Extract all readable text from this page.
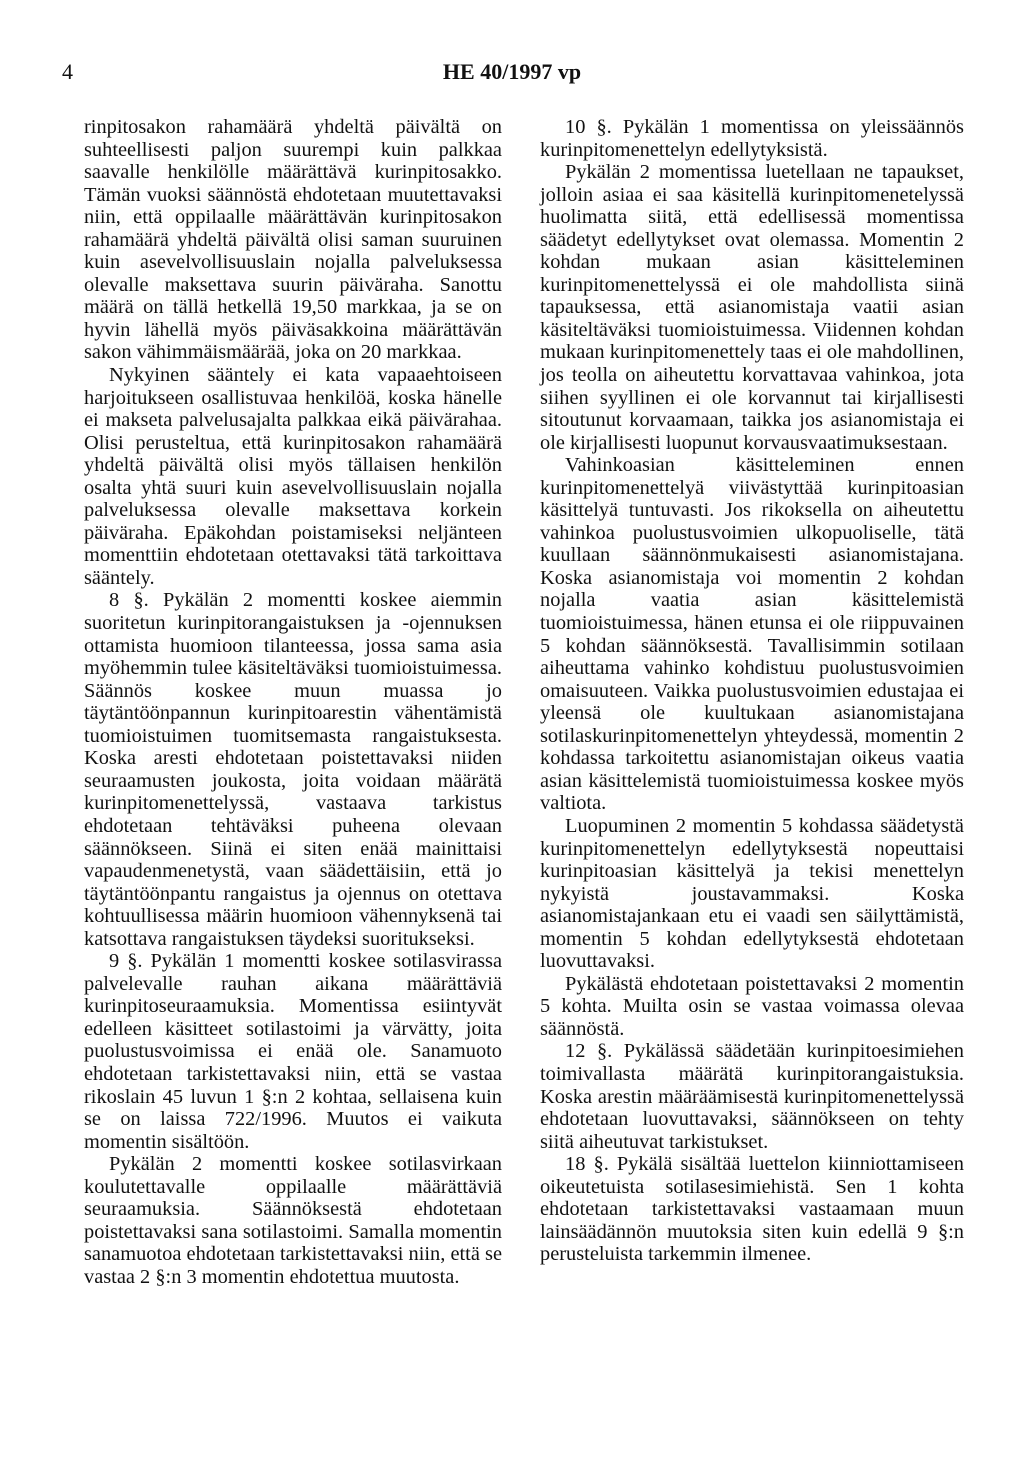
4	HE 40/1997 vp

rinpitosakon rahamäärä yhdeltä päivältä on suhteellisesti paljon suurempi kuin palkkaa saavalle henkilölle määrättävä kurinpitosakko. Tämän vuoksi säännöstä ehdotetaan muutettavaksi niin, että oppilaalle määrättävän kurinpitosakon rahamäärä yhdeltä päivältä olisi saman suuruinen kuin asevelvollisuuslain nojalla palveluksessa olevalle maksettava suurin päiväraha. Sanottu määrä on tällä hetkellä 19,50 markkaa, ja se on hyvin lähellä myös päiväsakkoina määrättävän sakon vähimmäismäärää, joka on 20 markkaa.

Nykyinen sääntely ei kata vapaaehtoiseen harjoitukseen osallistuvaa henkilöä, koska hänelle ei makseta palvelusajalta palkkaa eikä päivärahaa. Olisi perusteltua, että kurinpitosakon rahamäärä yhdeltä päivältä olisi myös tällaisen henkilön osalta yhtä suuri kuin asevelvollisuuslain nojalla palveluksessa olevalle maksettava korkein päiväraha. Epäkohdan poistamiseksi neljänteen momenttiin ehdotetaan otettavaksi tätä tarkoittava sääntely.

8 §. Pykälän 2 momentti koskee aiemmin suoritetun kurinpitorangaistuksen ja -ojennuksen ottamista huomioon tilanteessa, jossa sama asia myöhemmin tulee käsiteltäväksi tuomioistuimessa. Säännös koskee muun muassa jo täytäntöönpannun kurinpitoarestin vähentämistä tuomioistuimen tuomitsemasta rangaistuksesta. Koska aresti ehdotetaan poistettavaksi niiden seuraamusten joukosta, joita voidaan määrätä kurinpitomenettelyssä, vastaava tarkistus ehdotetaan tehtäväksi puheena olevaan säännökseen. Siinä ei siten enää mainittaisi vapaudenmenetystä, vaan säädettäisiin, että jo täytäntöönpantu rangaistus ja ojennus on otettava kohtuullisessa määrin huomioon vähennyksenä tai katsottava rangaistuksen täydeksi suoritukseksi.

9 §. Pykälän 1 momentti koskee sotilasvirassa palvelevalle rauhan aikana määrättäviä kurinpitoseuraamuksia. Momentissa esiintyvät edelleen käsitteet sotilastoimi ja värvätty, joita puolustusvoimissa ei enää ole. Sanamuoto ehdotetaan tarkistettavaksi niin, että se vastaa rikoslain 45 luvun 1 §:n 2 kohtaa, sellaisena kuin se on laissa 722/1996. Muutos ei vaikuta momentin sisältöön.

Pykälän 2 momentti koskee sotilasvirkaan koulutettavalle oppilaalle määrättäviä seuraamuksia. Säännöksestä ehdotetaan poistettavaksi sana sotilastoimi. Samalla momentin sanamuotoa ehdotetaan tarkistettavaksi niin, että se vastaa 2 §:n 3 momentin ehdotettua muutosta.

10 §. Pykälän 1 momentissa on yleissäännös kurinpitomenettelyn edellytyksistä.

Pykälän 2 momentissa luetellaan ne tapaukset, jolloin asiaa ei saa käsitellä kurinpitomenetelyssä huolimatta siitä, että edellisessä momentissa säädetyt edellytykset ovat olemassa. Momentin 2 kohdan mukaan asian käsitteleminen kurinpitomenettelyssä ei ole mahdollista siinä tapauksessa, että asianomistaja vaatii asian käsiteltäväksi tuomioistuimessa. Viidennen kohdan mukaan kurinpitomenettely taas ei ole mahdollinen, jos teolla on aiheutettu korvattavaa vahinkoa, jota siihen syyllinen ei ole korvannut tai kirjallisesti sitoutunut korvaamaan, taikka jos asianomistaja ei ole kirjallisesti luopunut korvausvaatimuksestaan.

Vahinkoasian käsitteleminen ennen kurinpitomenettelyä viivästyttää kurinpitoasian käsittelyä tuntuvasti. Jos rikoksella on aiheutettu vahinkoa puolustusvoimien ulkopuoliselle, tätä kuullaan säännönmukaisesti asianomistajana. Koska asianomistaja voi momentin 2 kohdan nojalla vaatia asian käsittelemistä tuomioistuimessa, hänen etunsa ei ole riippuvainen 5 kohdan säännöksestä. Tavallisimmin sotilaan aiheuttama vahinko kohdistuu puolustusvoimien omaisuuteen. Vaikka puolustusvoimien edustajaa ei yleensä ole kuultukaan asianomistajana sotilaskurinpitomenettelyn yhteydessä, momentin 2 kohdassa tarkoitettu asianomistajan oikeus vaatia asian käsittelemistä tuomioistuimessa koskee myös valtiota.

Luopuminen 2 momentin 5 kohdassa säädetystä kurinpitomenettelyn edellytyksestä nopeuttaisi kurinpitoasian käsittelyä ja tekisi menettelyn nykyistä joustavammaksi. Koska asianomistajankaan etu ei vaadi sen säilyttämistä, momentin 5 kohdan edellytyksestä ehdotetaan luovuttavaksi.

Pykälästä ehdotetaan poistettavaksi 2 momentin 5 kohta. Muilta osin se vastaa voimassa olevaa säännöstä.

12 §. Pykälässä säädetään kurinpitoesimiehen toimivallasta määrätä kurinpitorangaistuksia. Koska arestin määräämisestä kurinpitomenettelyssä ehdotetaan luovuttavaksi, säännökseen on tehty siitä aiheutuvat tarkistukset.

18 §. Pykälä sisältää luettelon kiinniottamiseen oikeutetuista sotilasesimiehistä. Sen 1 kohta ehdotetaan tarkistettavaksi vastaamaan muun lainsäädännön muutoksia siten kuin edellä 9 §:n perusteluista tarkemmin ilmenee.
